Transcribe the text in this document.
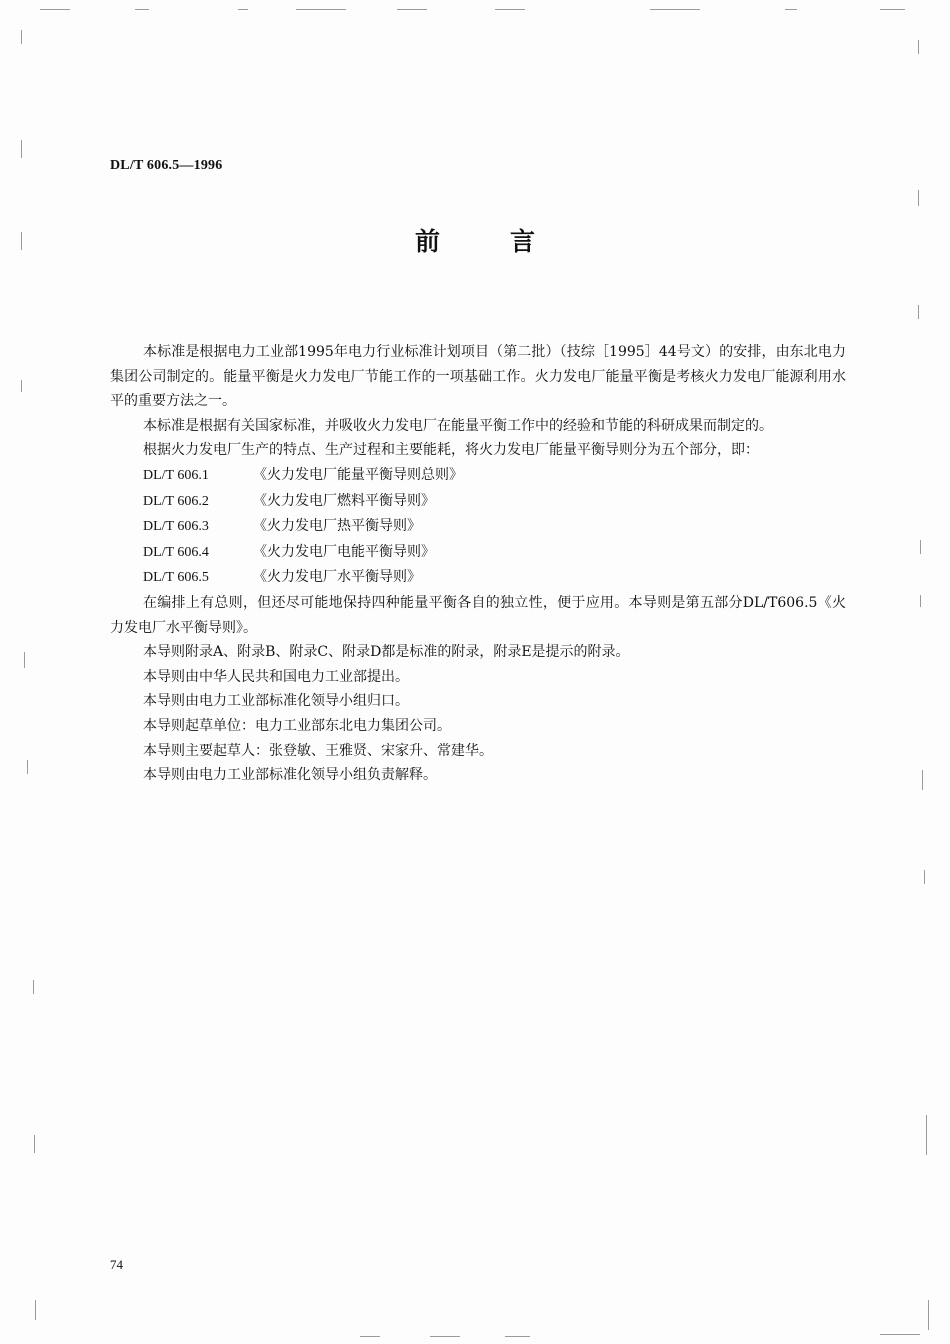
DL/T 606.5—1996
前言

本标准是根据电力工业部1995年电力行业标准计划项目（第二批）（技综［1995］44号文）的安排，由东北电力集团公司制定的。能量平衡是火力发电厂节能工作的一项基础工作。火力发电厂能量平衡是考核火力发电厂能源利用水平的重要方法之一。

本标准是根据有关国家标准，并吸收火力发电厂在能量平衡工作中的经验和节能的科研成果而制定的。

根据火力发电厂生产的特点、生产过程和主要能耗，将火力发电厂能量平衡导则分为五个部分，即：

DL/T 606.1	《火力发电厂能量平衡导则总则》

DL/T 606.2	《火力发电厂燃料平衡导则》

DL/T 606.3	《火力发电厂热平衡导则》

DL/T 606.4	《火力发电厂电能平衡导则》

DL/T 606.5	《火力发电厂水平衡导则》

在编排上有总则，但还尽可能地保持四种能量平衡各自的独立性，便于应用。本导则是第五部分DL/T606.5《火力发电厂水平衡导则》。

本导则附录A、附录B、附录C、附录D都是标准的附录，附录E是提示的附录。

本导则由中华人民共和国电力工业部提出。

本导则由电力工业部标准化领导小组归口。

本导则起草单位：电力工业部东北电力集团公司。

本导则主要起草人：张登敏、王雅贤、宋家升、常建华。

本导则由电力工业部标准化领导小组负责解释。

74
